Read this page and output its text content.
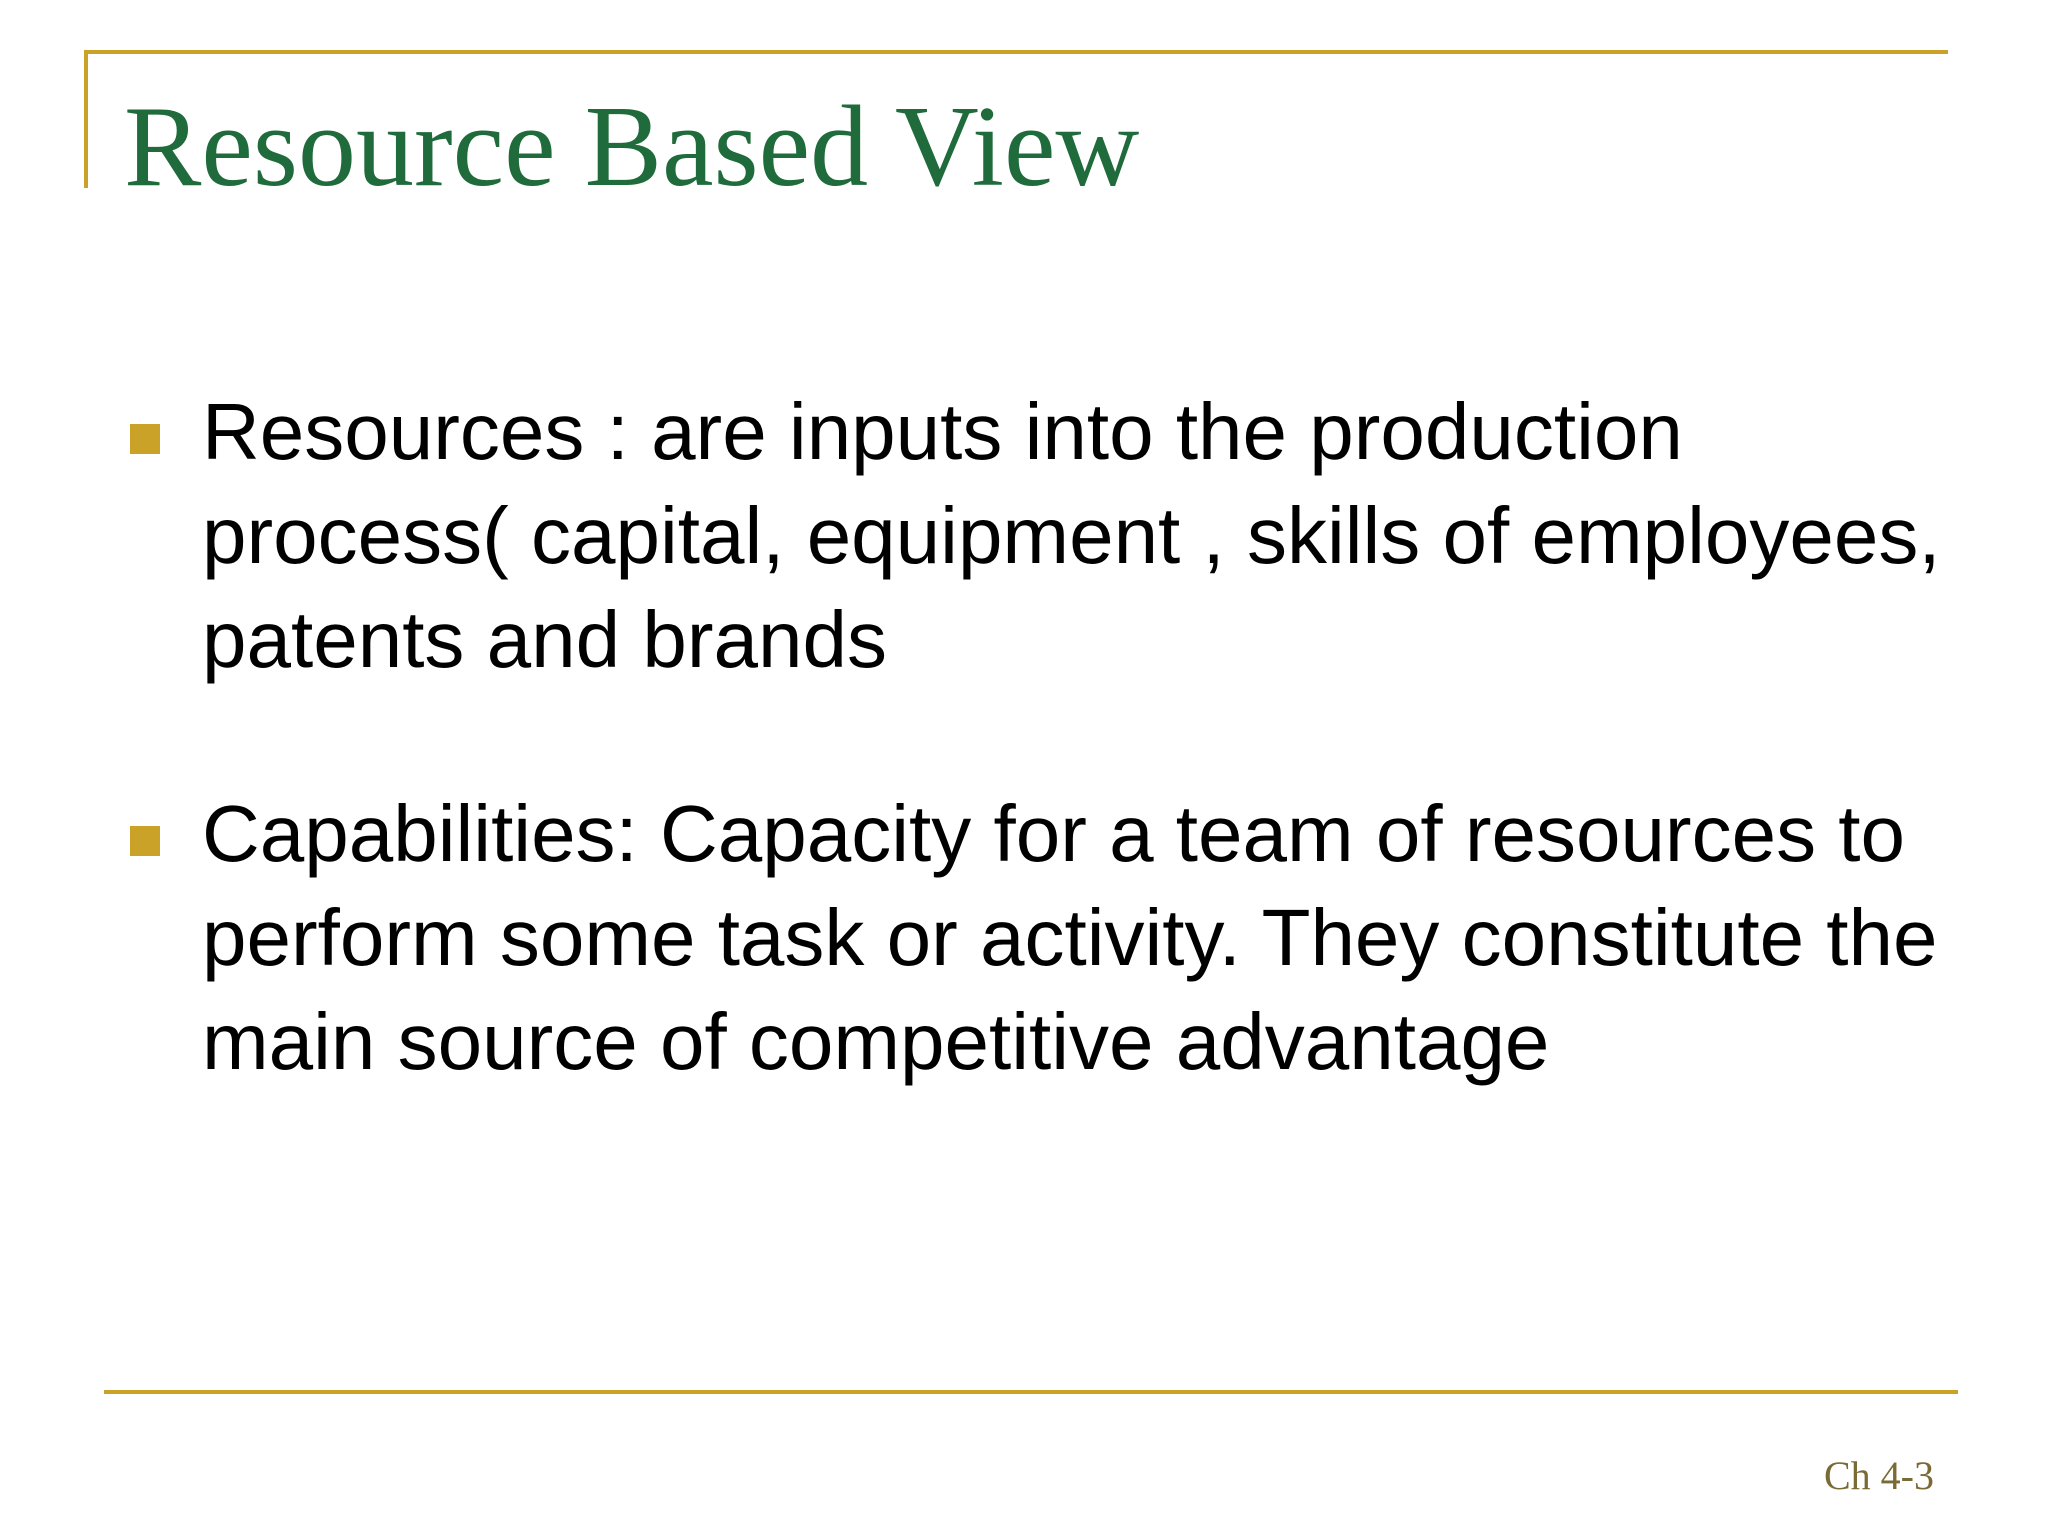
Resource Based View
Resources : are inputs into the production process( capital, equipment , skills of employees, patents and brands
Capabilities: Capacity for a team of resources to perform some task or activity. They constitute the main source of competitive advantage
Ch 4-3
